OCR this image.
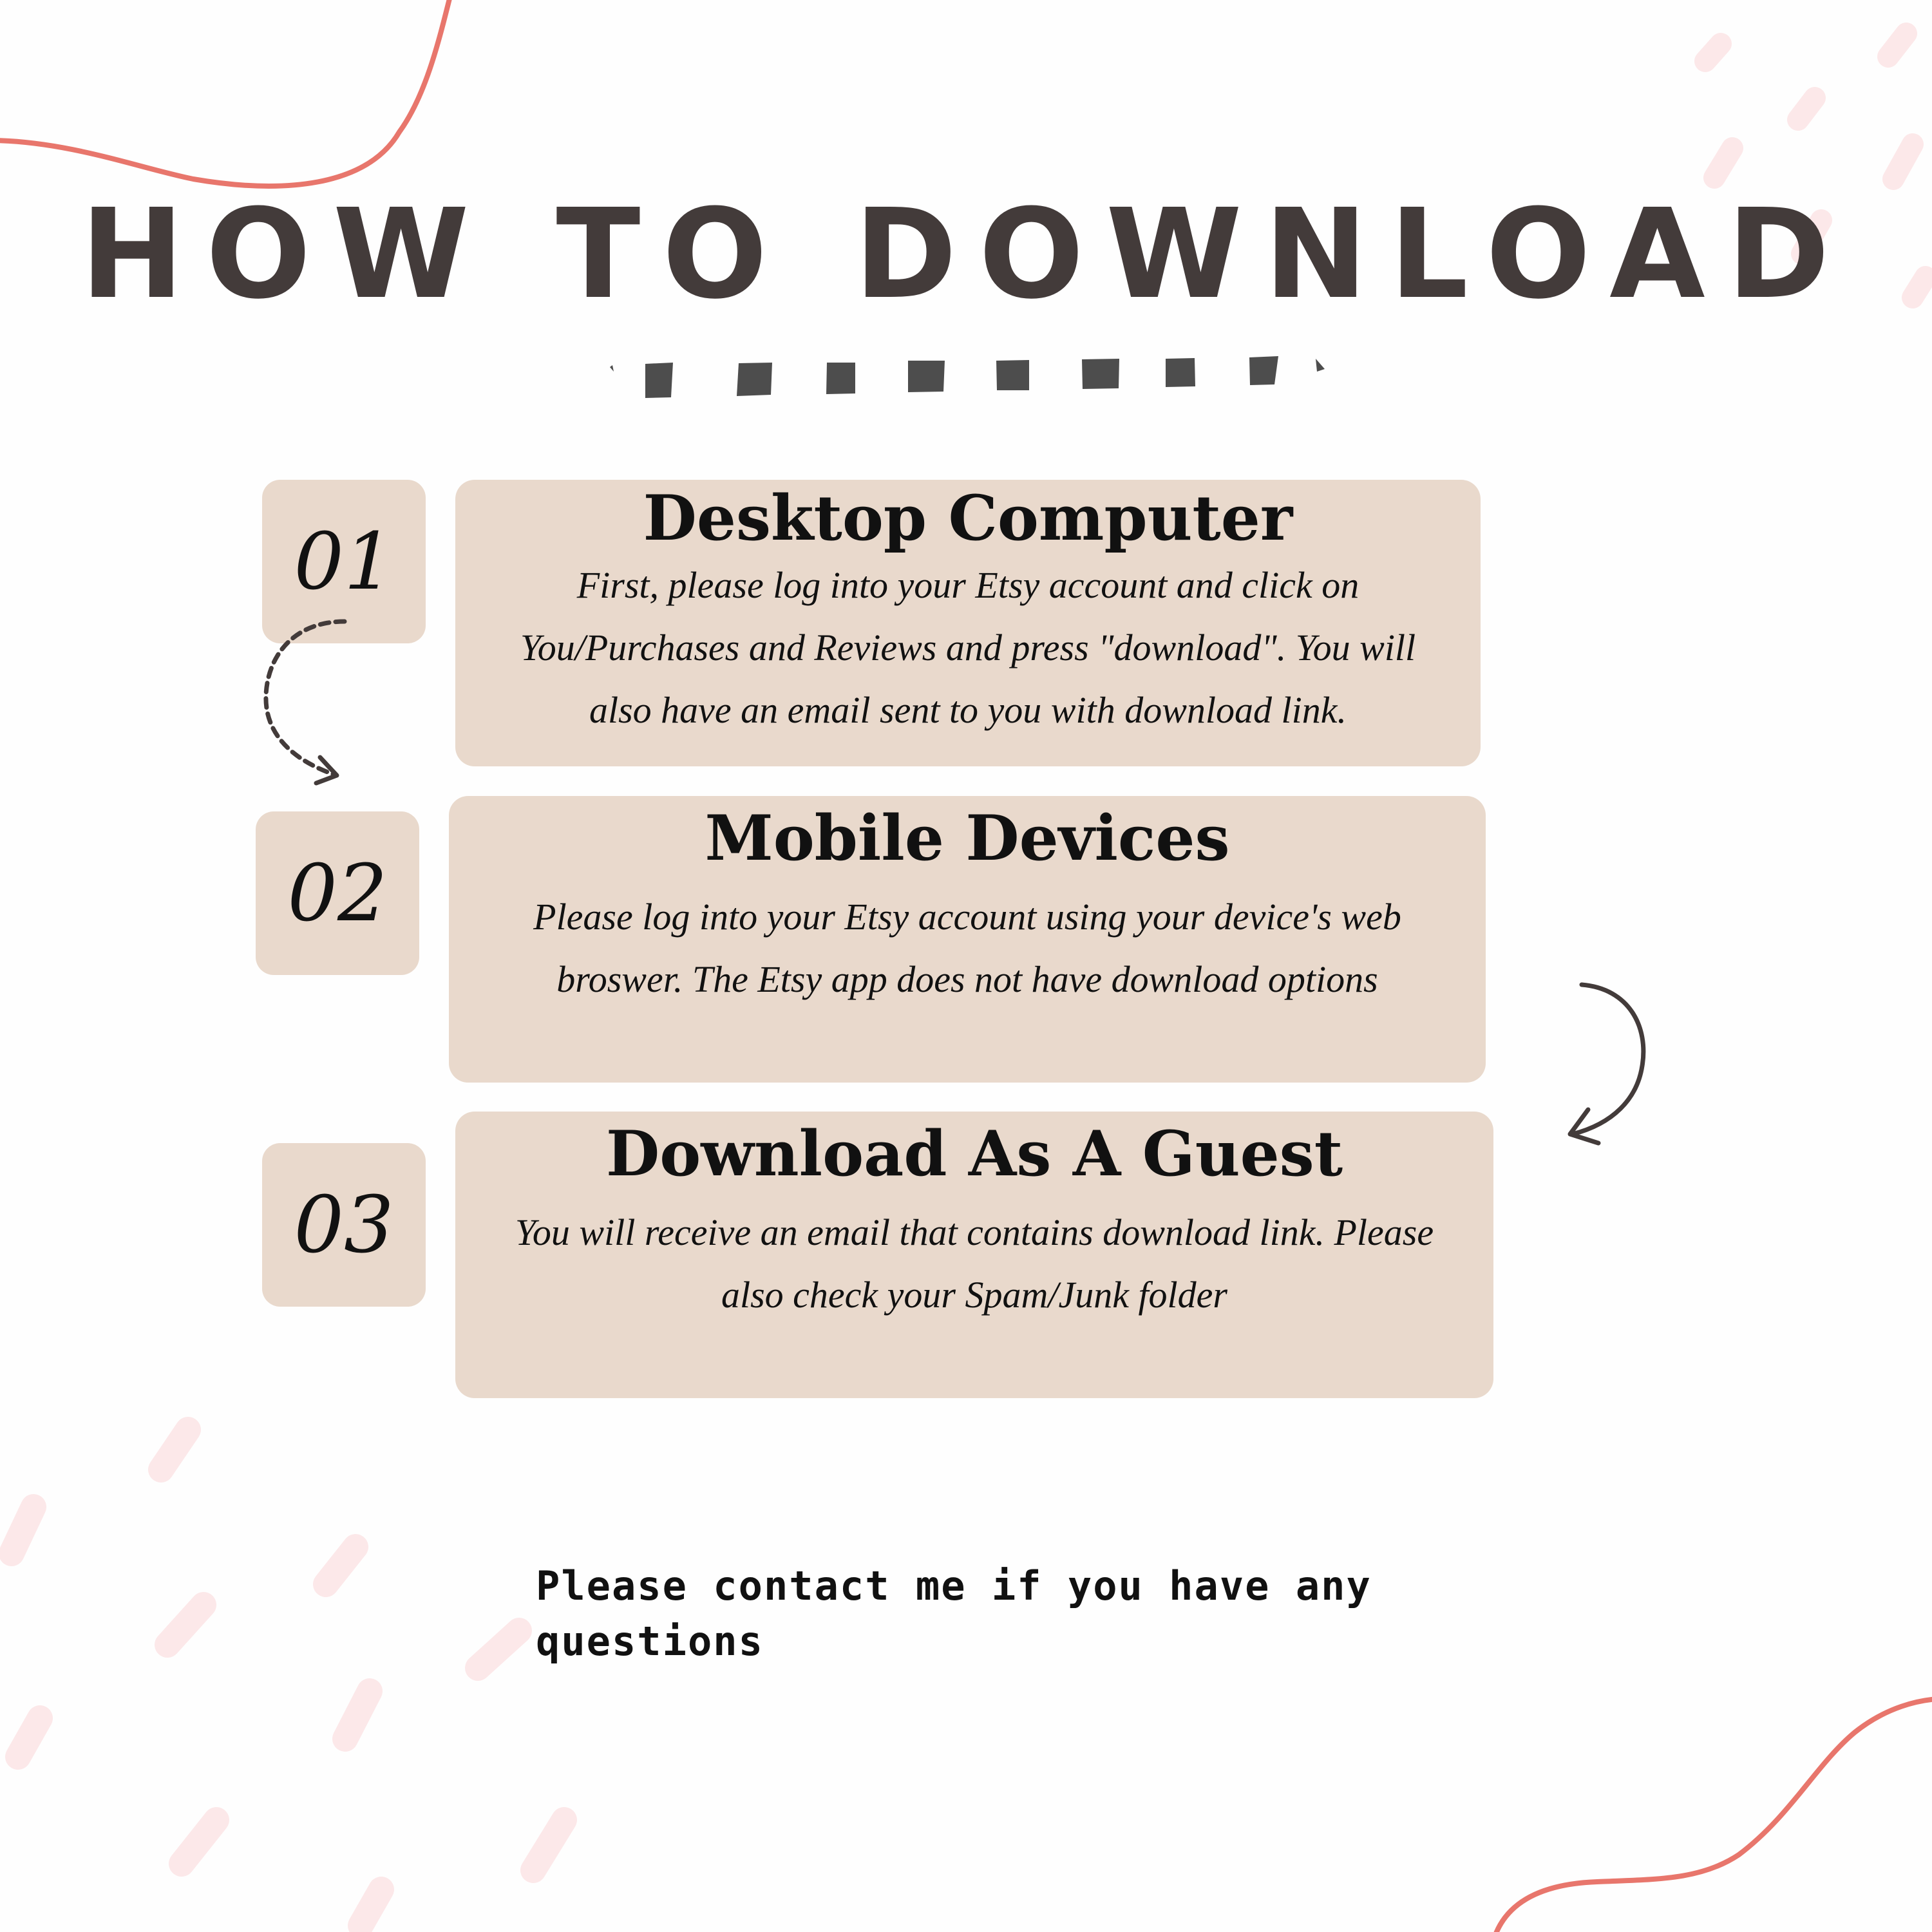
HOW TO DOWNLOAD
01	Desktop Computer

First, please log into your Etsy account and click on You/Purchases and Reviews and press "download". You will also have an email sent to you with download link.

02
Mobile Devices

Please log into your Etsy account using your device's web broswer. The Etsy app does not have download options

03
Download As A Guest

You will receive an email that contains download link. Please also check your Spam/Junk folder

Please contact me if you have any questions
